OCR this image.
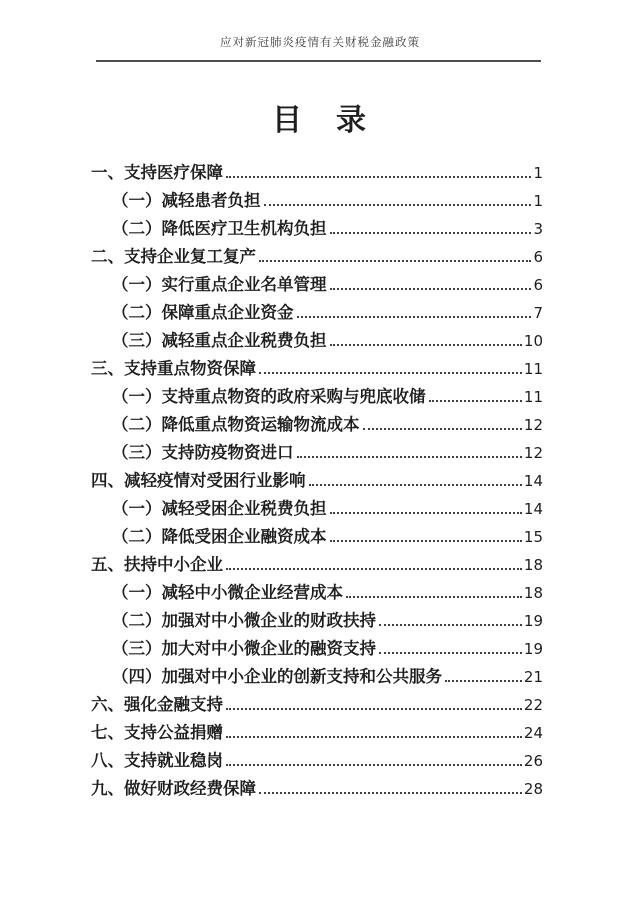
应对新冠肺炎疫情有关财税金融政策
目　录
一、支持医疗保障	1
（一）减轻患者负担	1
（二）降低医疗卫生机构负担	3
二、支持企业复工复产	6
（一）实行重点企业名单管理	6
（二）保障重点企业资金	7
（三）减轻重点企业税费负担	10
三、支持重点物资保障	11
（一）支持重点物资的政府采购与兜底收储	11
（二）降低重点物资运输物流成本	12
（三）支持防疫物资进口	12
四、减轻疫情对受困行业影响	14
（一）减轻受困企业税费负担	14
（二）降低受困企业融资成本	15
五、扶持中小企业	18
（一）减轻中小微企业经营成本	18
（二）加强对中小微企业的财政扶持	19
（三）加大对中小微企业的融资支持	19
（四）加强对中小企业的创新支持和公共服务	21
六、强化金融支持	22
七、支持公益捐赠	24
八、支持就业稳岗	26
九、做好财政经费保障	28
